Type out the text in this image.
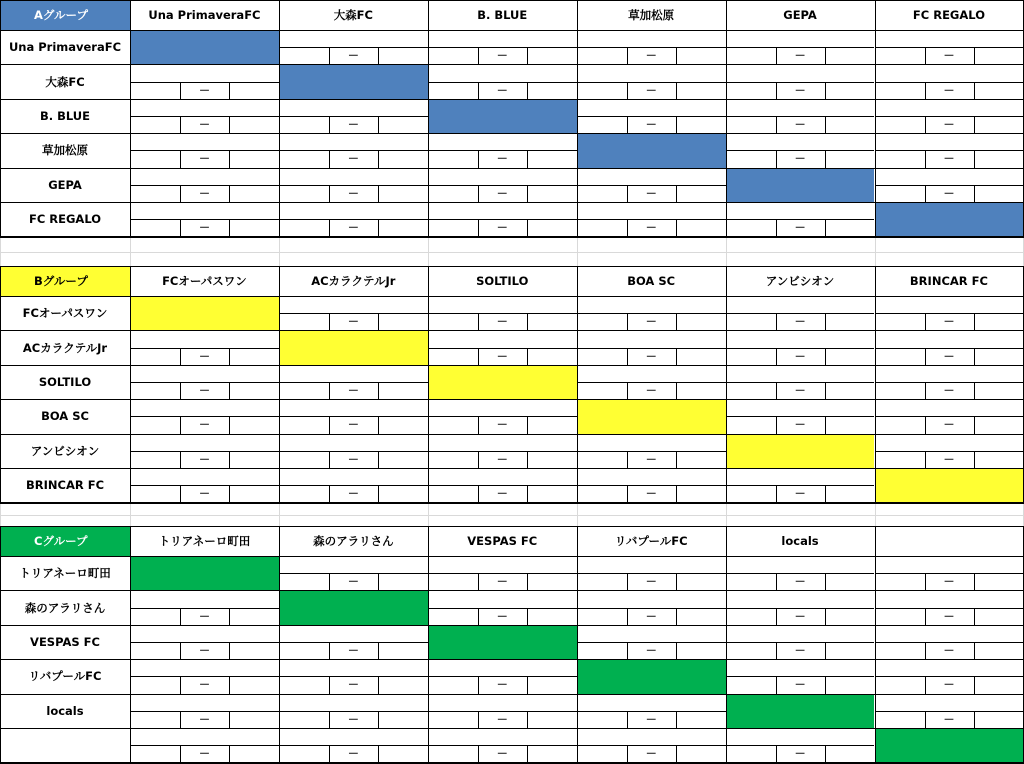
Aグループ	Una PrimaveraFC	大森FC	B. BLUE	草加松原	GEPA	FC REGALO
Una PrimaveraFC
－	－	－	－	－
大森FC
－	－	－	－	－
B. BLUE
－	－	－	－	－
草加松原
－	－	－	－	－
GEPA
－	－	－	－	－
FC REGALO
－	－	－	－	－
Bグループ	FCオーパスワン	ACカラクテルJr	SOLTILO	BOA SC	アンビシオン	BRINCAR FC
FCオーパスワン
－	－	－	－	－
ACカラクテルJr
－	－	－	－	－
SOLTILO
－	－	－	－	－
BOA SC
－	－	－	－	－
アンビシオン
－	－	－	－	－
BRINCAR FC
－	－	－	－	－
Cグループ	トリアネーロ町田	森のアラリさん	VESPAS FC	リバプールFC	locals
トリアネーロ町田
－	－	－	－	－
森のアラリさん
－	－	－	－	－
VESPAS FC
－	－	－	－	－
リバプールFC
－	－	－	－	－
locals
－	－	－	－	－
－	－	－	－	－
